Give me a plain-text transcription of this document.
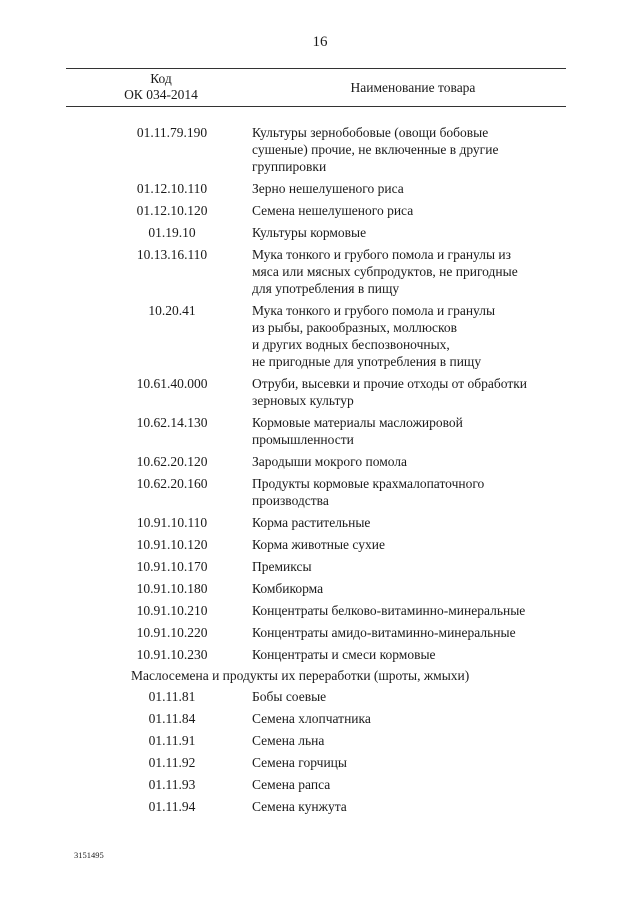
16
Код
ОК 034-2014	Наименование товара
01.11.79.190	Культуры зернобобовые (овощи бобовые
сушеные) прочие, не включенные в другие
группировки
01.12.10.110	Зерно нешелушеного риса
01.12.10.120	Семена нешелушеного риса
01.19.10	Культуры кормовые
10.13.16.110	Мука тонкого и грубого помола и гранулы из
мяса или мясных субпродуктов, не пригодные
для употребления в пищу
10.20.41	Мука тонкого и грубого помола и гранулы
из рыбы, ракообразных, моллюсков
и других водных беспозвоночных,
не пригодные для употребления в пищу
10.61.40.000	Отруби, высевки и прочие отходы от обработки
зерновых культур
10.62.14.130	Кормовые материалы масложировой
промышленности
10.62.20.120	Зародыши мокрого помола
10.62.20.160	Продукты кормовые крахмалопаточного
производства
10.91.10.110	Корма растительные
10.91.10.120	Корма животные сухие
10.91.10.170	Премиксы
10.91.10.180	Комбикорма
10.91.10.210	Концентраты белково-витаминно-минеральные
10.91.10.220	Концентраты амидо-витаминно-минеральные
10.91.10.230	Концентраты и смеси кормовые
Маслосемена и продукты их переработки (шроты, жмыхи)
01.11.81	Бобы соевые
01.11.84	Семена хлопчатника
01.11.91	Семена льна
01.11.92	Семена горчицы
01.11.93	Семена рапса
01.11.94	Семена кунжута
3151495
